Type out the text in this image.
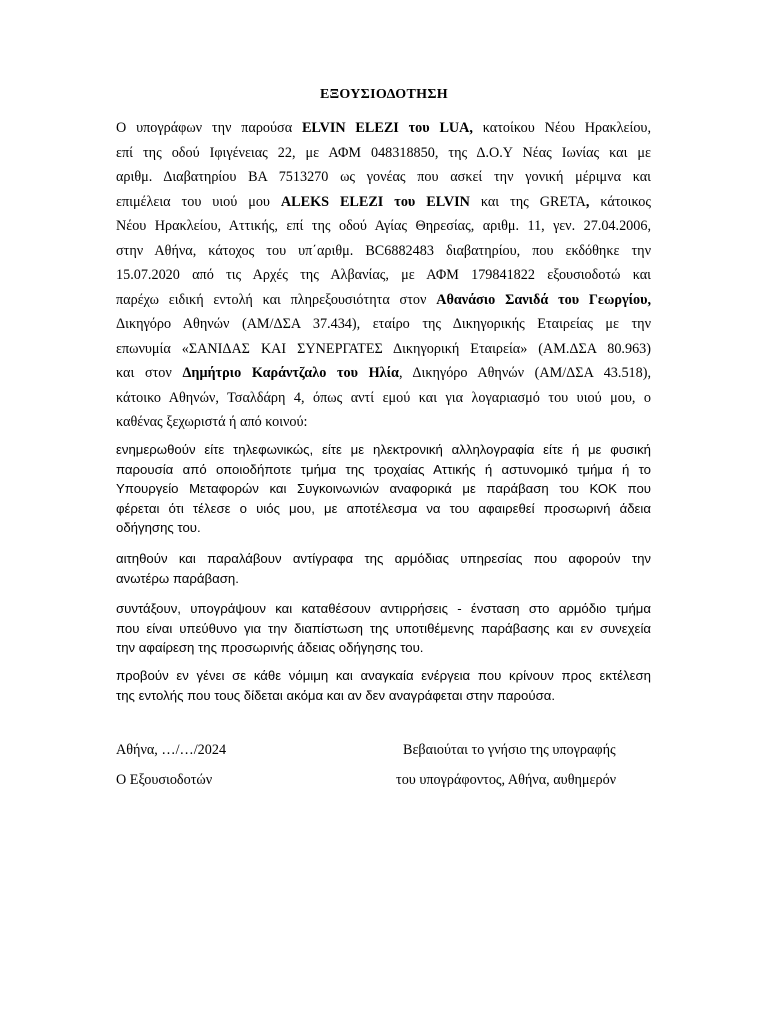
ΕΞΟΥΣΙΟΔΟΤΗΣΗ
Ο υπογράφων την παρούσα ELVIN ELEZI του LUA, κατοίκου Νέου Ηρακλείου,
επί της οδού Ιφιγένειας 22, με ΑΦΜ 048318850, της Δ.Ο.Υ Νέας Ιωνίας και με
αριθμ. Διαβατηρίου ΒΑ 7513270 ως γονέας που ασκεί την γονική μέριμνα και
επιμέλεια του υιού μου ALEKS ELEZI του ELVIN και της GRETA, κάτοικος
Νέου Ηρακλείου, Αττικής, επί της οδού Αγίας Θηρεσίας, αριθμ. 11, γεν. 27.04.2006,
στην Αθήνα, κάτοχος του υπ΄αριθμ. BC6882483 διαβατηρίου, που εκδόθηκε την
15.07.2020 από τις Αρχές της Αλβανίας, με ΑΦΜ 179841822 εξουσιοδοτώ και
παρέχω ειδική εντολή και πληρεξουσιότητα στον Αθανάσιο Σανιδά του Γεωργίου,
Δικηγόρο Αθηνών (ΑΜ/ΔΣΑ 37.434), εταίρο της Δικηγορικής Εταιρείας με την
επωνυμία «ΣΑΝΙΔΑΣ ΚΑΙ ΣΥΝΕΡΓΑΤΕΣ Δικηγορική Εταιρεία» (ΑΜ.ΔΣΑ 80.963)
και στον Δημήτριο Καράντζαλο του Ηλία, Δικηγόρο Αθηνών (ΑΜ/ΔΣΑ 43.518),
κάτοικο Αθηνών, Τσαλδάρη 4, όπως αντί εμού και για λογαριασμό του υιού μου, ο
καθένας ξεχωριστά ή από κοινού:
ενημερωθούν είτε τηλεφωνικώς, είτε με ηλεκτρονική αλληλογραφία είτε ή με φυσική
παρουσία από οποιοδήποτε τμήμα της τροχαίας Αττικής ή αστυνομικό τμήμα ή το
Υπουργείο Μεταφορών και Συγκοινωνιών αναφορικά με παράβαση του ΚΟΚ που
φέρεται ότι τέλεσε ο υιός μου, με αποτέλεσμα να του αφαιρεθεί προσωρινή άδεια
οδήγησης του.
αιτηθούν και παραλάβουν αντίγραφα της αρμόδιας υπηρεσίας που αφορούν την
ανωτέρω παράβαση.
συντάξουν, υπογράψουν και καταθέσουν αντιρρήσεις - ένσταση στο αρμόδιο τμήμα
που είναι υπεύθυνο για την διαπίστωση της υποτιθέμενης παράβασης και εν συνεχεία
την αφαίρεση της προσωρινής άδειας οδήγησης του.
προβούν εν γένει σε κάθε νόμιμη και αναγκαία ενέργεια που κρίνουν προς εκτέλεση
της εντολής που τους δίδεται ακόμα και αν δεν αναγράφεται στην παρούσα.
Αθήνα, …/…/2024
Ο Εξουσιοδοτών
Βεβαιούται το γνήσιο της υπογραφής
του υπογράφοντος, Αθήνα, αυθημερόν
